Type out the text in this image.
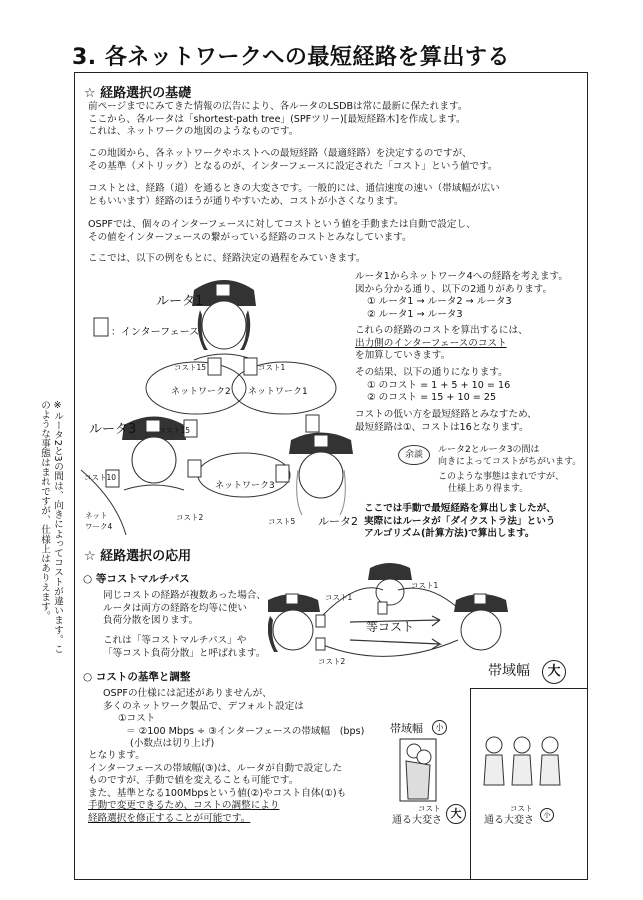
3. 各ネットワークへの最短経路を算出する
☆ 経路選択の基礎
前ページまでにみてきた情報の広告により、各ルータのLSDBは常に最新に保たれます。
ここから、各ルータは「shortest-path tree」(SPFツリー)[最短経路木]を作成します。
これは、ネットワークの地図のようなものです。
この地図から、各ネットワークやホストへの最短経路（最適経路）を決定するのですが、
その基準（メトリック）となるのが、インターフェースに設定された「コスト」という値です。
コストとは、経路（道）を通るときの大変さです。一般的には、通信速度の速い（帯域幅が広い
ともいいます）経路のほうが通りやすいため、コストが小さくなります。
OSPFでは、個々のインターフェースに対してコストという値を手動または自動で設定し、
その値をインターフェースの繋がっている経路のコストとみなしています。
ここでは、以下の例をもとに、経路決定の過程をみていきます。
ルータ1
：インターフェース
コスト15	コスト1
ネットワーク2 ネットワーク1
コスト15
ルータ3
コスト10
ネットワーク3
ネット
ワーク4
コスト2	コスト5 ルータ2
ルータ1からネットワーク4への経路を考えます。
図から分かる通り、以下の2通りがあります。
① ルータ1 → ルータ2 → ルータ3
② ルータ1 → ルータ3
これらの経路のコストを算出するには、
出力側のインターフェースのコスト
を加算していきます。
その結果、以下の通りになります。
① のコスト = 1 + 5 + 10 = 16
② のコスト = 15 + 10 = 25
コストの低い方を最短経路とみなすため、
最短経路は①、コストは16となります。
余談	ルータ2とルータ3の間は
向きによってコストがちがいます。
このような事態はまれですが、
仕様上あり得ます。
ここでは手動で最短経路を算出しましたが、
実際にはルータが「ダイクストラ法」という
アルゴリズム(計算方法)で算出します。
※ルータ2と3の間は、向きによってコストが違います。このような事態はまれですが、仕様上はありえます。	☆ 経路選択の応用
○ 等コストマルチパス
同じコストの経路が複数あった場合、
ルータは両方の経路を均等に使い
負荷分散を図ります。
これは「等コストマルチパス」や
「等コスト負荷分散」と呼ばれます。
コスト1
コスト1
コスト2
等コスト
○ コストの基準と調整
OSPFの仕様には記述がありませんが、
多くのネットワーク製品で、デフォルト設定は
①コスト
＝ ②100 Mbps ÷ ③インターフェースの帯域幅　(bps)
(小数点は切り上げ)
となります。
インターフェースの帯域幅(③)は、ルータが自動で設定した
ものですが、手動で値を変えることも可能です。
また、基準となる100Mbpsという値(②)やコスト自体(①)も
手動で変更できるため、コストの調整により
経路選択を修正することが可能です。
帯域幅	大
帯域幅	小
コスト
通る大変さ
大	コスト
通る大変さ	小
